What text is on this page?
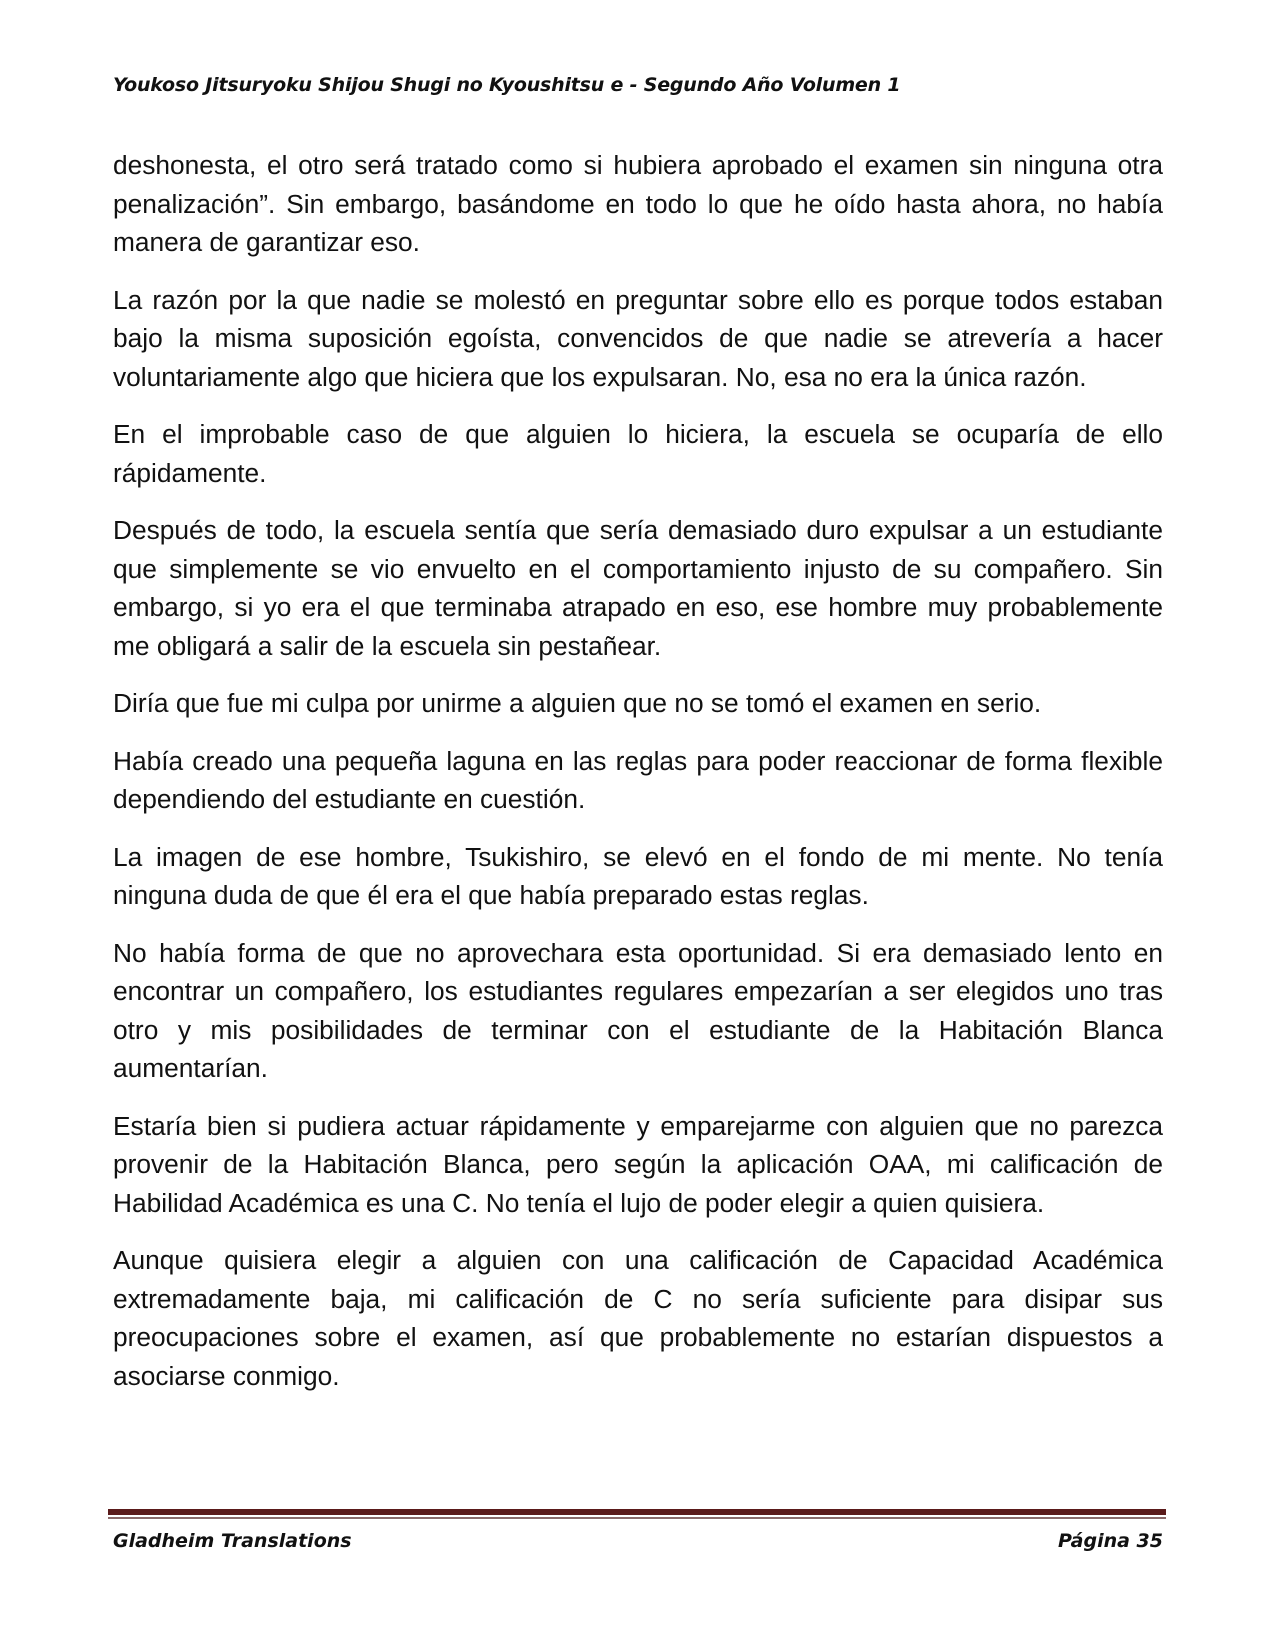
Youkoso Jitsuryoku Shijou Shugi no Kyoushitsu e - Segundo Año Volumen 1

deshonesta, el otro será tratado como si hubiera aprobado el examen sin ninguna otra penalización”. Sin embargo, basándome en todo lo que he oído hasta ahora, no había manera de garantizar eso.

La razón por la que nadie se molestó en preguntar sobre ello es porque todos estaban bajo la misma suposición egoísta, convencidos de que nadie se atrevería a hacer voluntariamente algo que hiciera que los expulsaran. No, esa no era la única razón.

En el improbable caso de que alguien lo hiciera, la escuela se ocuparía de ello rápidamente.

Después de todo, la escuela sentía que sería demasiado duro expulsar a un estudiante que simplemente se vio envuelto en el comportamiento injusto de su compañero. Sin embargo, si yo era el que terminaba atrapado en eso, ese hombre muy probablemente me obligará a salir de la escuela sin pestañear.

Diría que fue mi culpa por unirme a alguien que no se tomó el examen en serio.

Había creado una pequeña laguna en las reglas para poder reaccionar de forma flexible dependiendo del estudiante en cuestión.

La imagen de ese hombre, Tsukishiro, se elevó en el fondo de mi mente. No tenía ninguna duda de que él era el que había preparado estas reglas.

No había forma de que no aprovechara esta oportunidad. Si era demasiado lento en encontrar un compañero, los estudiantes regulares empezarían a ser elegidos uno tras otro y mis posibilidades de terminar con el estudiante de la Habitación Blanca aumentarían.

Estaría bien si pudiera actuar rápidamente y emparejarme con alguien que no parezca provenir de la Habitación Blanca, pero según la aplicación OAA, mi calificación de Habilidad Académica es una C. No tenía el lujo de poder elegir a quien quisiera.

Aunque quisiera elegir a alguien con una calificación de Capacidad Académica extremadamente baja, mi calificación de C no sería suficiente para disipar sus preocupaciones sobre el examen, así que probablemente no estarían dispuestos a asociarse conmigo.

Gladheim Translations	Página 35
